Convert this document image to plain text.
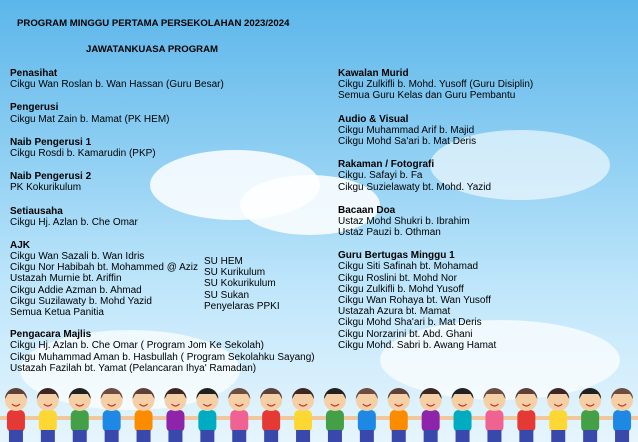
PROGRAM MINGGU PERTAMA PERSEKOLAHAN 2023/2024
JAWATANKUASA PROGRAM
Penasihat
Cikgu Wan Roslan b. Wan Hassan (Guru Besar)
Pengerusi
Cikgu Mat Zain b. Mamat (PK HEM)
Naib Pengerusi 1
Cikgu Rosdi b. Kamarudin (PKP)
Naib Pengerusi 2
PK Kokurikulum
Setiausaha
Cikgu Hj. Azlan b. Che Omar
AJK
Cikgu Wan Sazali b. Wan Idris
Cikgu Nor Habibah bt. Mohammed @ Aziz
Ustazah Murnie bt. Ariffin
Cikgu Addie Azman b. Ahmad
Cikgu Suzilawaty b. Mohd Yazid
Semua Ketua Panitia
Pengacara Majlis
Cikgu Hj. Azlan b. Che Omar ( Program Jom Ke Sekolah)
Cikgu Muhammad Aman b. Hasbullah ( Program Sekolahku Sayang)
Ustazah Fazilah bt. Yamat (Pelancaran Ihya' Ramadan)
SU HEM
SU Kurikulum
SU Kokurikulum
SU Sukan
Penyelaras PPKI
Kawalan Murid
Cikgu Zulkifli b. Mohd. Yusoff (Guru Disiplin)
Semua Guru Kelas dan Guru Pembantu
Audio & Visual
Cikgu Muhammad Arif b. Majid
Cikgu Mohd Sa'ari b. Mat Deris
Rakaman / Fotografi
Cikgu. Safayi b. Fa
Cikgu Suzielawaty bt. Mohd. Yazid
Bacaan Doa
Ustaz Mohd Shukri b. Ibrahim
Ustaz Pauzi b. Othman
Guru Bertugas Minggu 1
Cikgu Siti Safinah bt. Mohamad
Cikgu Roslini bt. Mohd Nor
Cikgu Zulkifli b. Mohd Yusoff
Cikgu Wan Rohaya bt. Wan Yusoff
Ustazah Azura bt. Mamat
Cikgu Mohd Sha'ari b. Mat Deris
Cikgu Norzarini bt. Abd. Ghani
Cikgu Mohd. Sabri b. Awang Hamat
